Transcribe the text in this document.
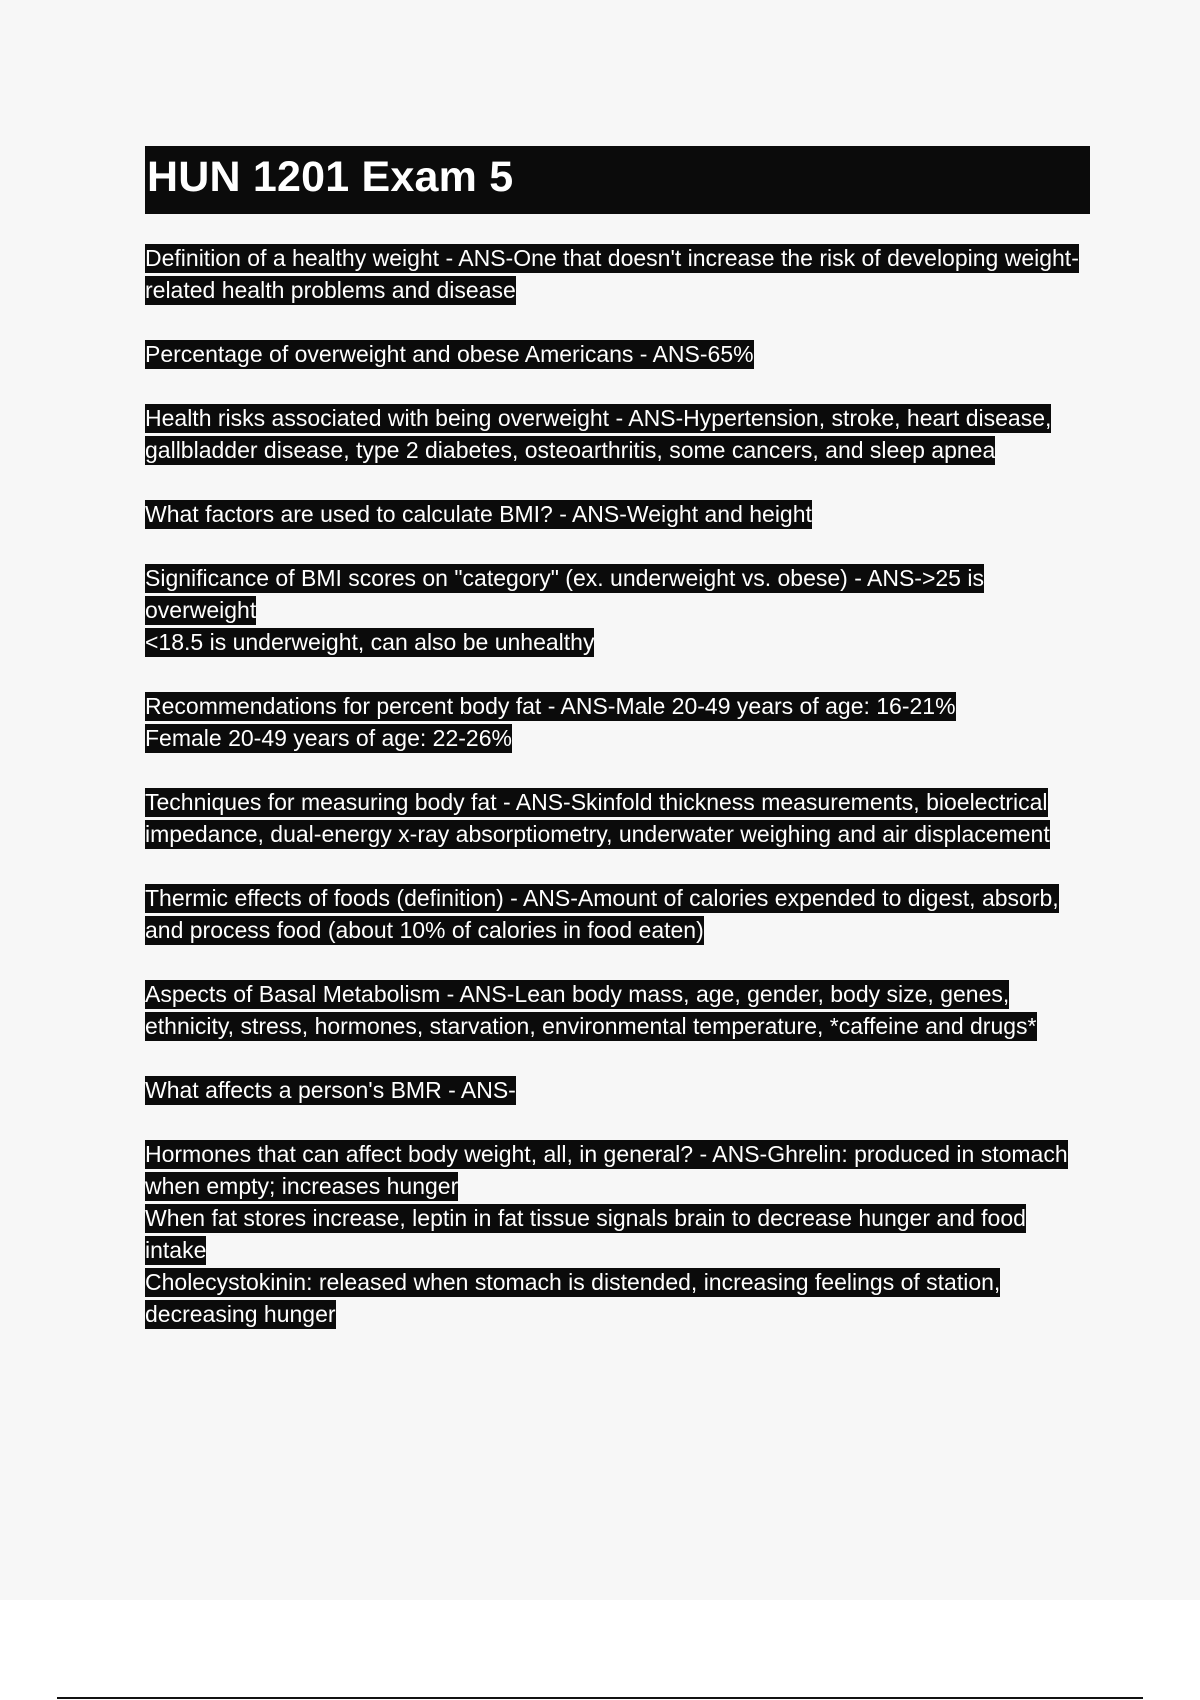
HUN 1201 Exam 5
Definition of a healthy weight - ANS-One that doesn't increase the risk of developing weight-related health problems and disease
Percentage of overweight and obese Americans - ANS-65%
Health risks associated with being overweight - ANS-Hypertension, stroke, heart disease, gallbladder disease, type 2 diabetes, osteoarthritis, some cancers, and sleep apnea
What factors are used to calculate BMI? - ANS-Weight and height
Significance of BMI scores on "category" (ex. underweight vs. obese) - ANS->25 is overweight
<18.5 is underweight, can also be unhealthy
Recommendations for percent body fat - ANS-Male 20-49 years of age: 16-21%
Female 20-49 years of age: 22-26%
Techniques for measuring body fat - ANS-Skinfold thickness measurements, bioelectrical impedance, dual-energy x-ray absorptiometry, underwater weighing and air displacement
Thermic effects of foods (definition) - ANS-Amount of calories expended to digest, absorb, and process food (about 10% of calories in food eaten)
Aspects of Basal Metabolism - ANS-Lean body mass, age, gender, body size, genes, ethnicity, stress, hormones, starvation, environmental temperature, *caffeine and drugs*
What affects a person's BMR - ANS-
Hormones that can affect body weight, all, in general? - ANS-Ghrelin: produced in stomach when empty; increases hunger
When fat stores increase, leptin in fat tissue signals brain to decrease hunger and food intake
Cholecystokinin: released when stomach is distended, increasing feelings of station, decreasing hunger
